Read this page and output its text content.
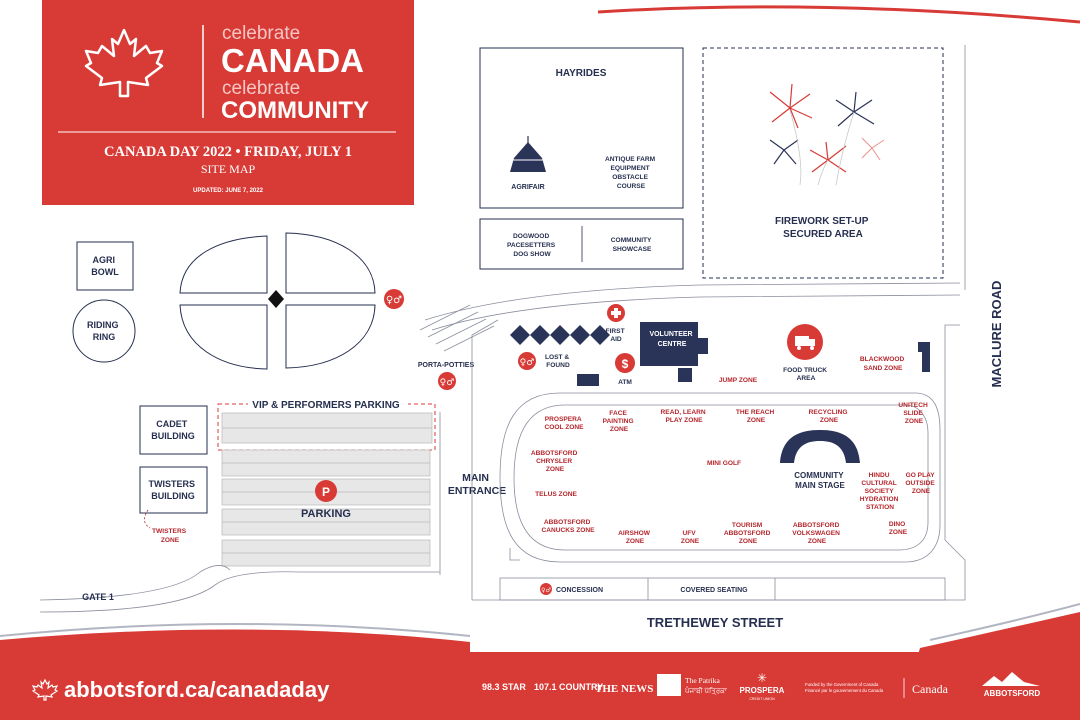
celebrate
CANADA
celebrate
COMMUNITY
CANADA DAY 2022 • FRIDAY, JULY 1
SITE MAP
UPDATED: JUNE 7, 2022
HAYRIDES
AGRIFAIR
ANTIQUE FARM EQUIPMENT OBSTACLE COURSE
DOGWOOD PACESETTERS DOG SHOW
COMMUNITY SHOWCASE
FIREWORK SET-UP SECURED AREA
AGRI BOWL
RIDING RING
♀♂
PORTA-POTTIES
♀♂
VIP & PERFORMERS PARKING
P
PARKING
CADET BUILDING
TWISTERS BUILDING
TWISTERS ZONE
GATE 1
MAIN ENTRANCE
♀♂
LOST & FOUND
FIRST AID
$
ATM
VOLUNTEER CENTRE
JUMP ZONE
FOOD TRUCK AREA
BLACKWOOD SAND ZONE
PROSPERA COOL ZONE
FACE PAINTING ZONE
READ, LEARN PLAY ZONE
THE REACH ZONE
RECYCLING ZONE
UNITECH SLIDE ZONE
ABBOTSFORD CHRYSLER ZONE
TELUS ZONE
ABBOTSFORD CANUCKS ZONE	AIRSHOW ZONE
UFV ZONE
TOURISM ABBOTSFORD ZONE
ABBOTSFORD VOLKSWAGEN ZONE
HINDU CULTURAL SOCIETY HYDRATION STATION
GO PLAY OUTSIDE ZONE
DINO ZONE
MINI GOLF
COMMUNITY MAIN STAGE
♀♂ CONCESSION	COVERED SEATING
MACLURE ROAD
TRETHEWEY STREET
abbotsford.ca/canadaday	98.3 STAR 107.1 COUNTRY
THE NEWS
The Patrika
ਪੰਜਾਬੀ ਪੱਤ੍ਰਿਕਾ
✳
PROSPERA
CREDIT UNION
Funded by the Government of Canada Financé par le gouvernement du Canada Canada	ABBOTSFORD
